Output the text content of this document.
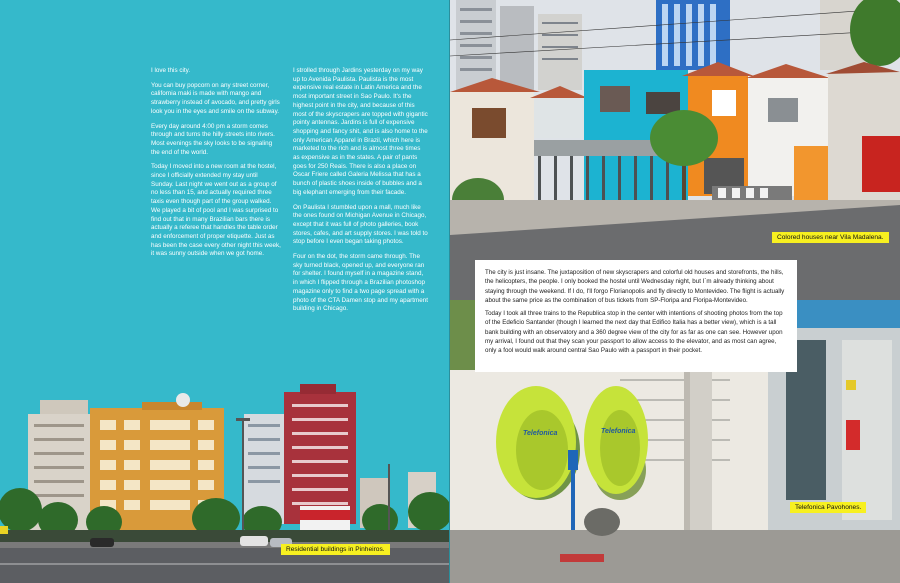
I love this city.

You can buy popcorn on any street corner, california maki is made with mango and strawberry instead of avocado, and pretty girls look you in the eyes and smile on the subway.

Every day around 4:00 pm a storm comes through and turns the hilly streets into rivers. Most evenings the sky looks to be signaling the end of the world.

Today I moved into a new room at the hostel, since I officially extended my stay until Sunday. Last night we went out as a group of no less than 15, and actually required three taxis even though part of the group walked. We played a bit of pool and I was surprised to find out that in many Brazilian bars there is actually a referee that handles the table order and enforcement of proper etiquette. Just as has been the case every other night this week, it was sunny outside when we got home.

I strolled through Jardins yesterday on my way up to Avenida Paulista. Paulista is the most expensive real estate in Latin America and the most important street in Sao Paulo. It's the highest point in the city, and because of this most of the skyscrapers are topped with gigantic pointy antennas. Jardins is full of expensive shopping and fancy shit, and is also home to the only American Apparel in Brazil, which here is marketed to the rich and is almost three times as expensive as in the states. A pair of pants goes for 250 Reais. There is also a place on Oscar Friere called Galeria Melissa that has a bunch of plastic shoes inside of bubbles and a big elephant emerging from their facade.

On Paulista I stumbled upon a mall, much like the ones found on Michigan Avenue in Chicago, except that it was full of photo galleries, book stores, cafes, and art supply stores. I was told to stop before I even began taking photos.

Four on the dot, the storm came through. The sky turned black, opened up, and everyone ran for shelter. I found myself in a magazine stand, in which I flipped through a Brazilian photoshop magazine only to find a two page spread with a photo of the CTA Damen stop and my apartment building in Chicago.

Residential buildings in Pinheiros.
Telefonica	Telefonica

The city is just insane. The juxtaposition of new skyscrapers and colorful old houses and storefronts, the hills, the helicopters, the people. I only booked the hostel until Wednesday night, but I´m already thinking about staying through the weekend. If I do, I'll forgo Florianopolis and fly directly to Montevideo. The flight is actually about the same price as the combination of bus tickets from SP-Floripa and Floripa-Montevideo.

Today I took all three trains to the Republica stop in the center with intentions of shooting photos from the top of the Edeficio Santander (though I learned the next day that Edifico Italia has a better view), which is a tall bank building with an observatory and a 360 degree view of the city for as far as one can see. However upon my arrival, I found out that they scan your passport to allow access to the elevator, and as most can agree, only a fool would walk around central Sao Paulo with a passport in their pocket.

Colored houses near Vila Madalena.
Telefonica Pavohones.
